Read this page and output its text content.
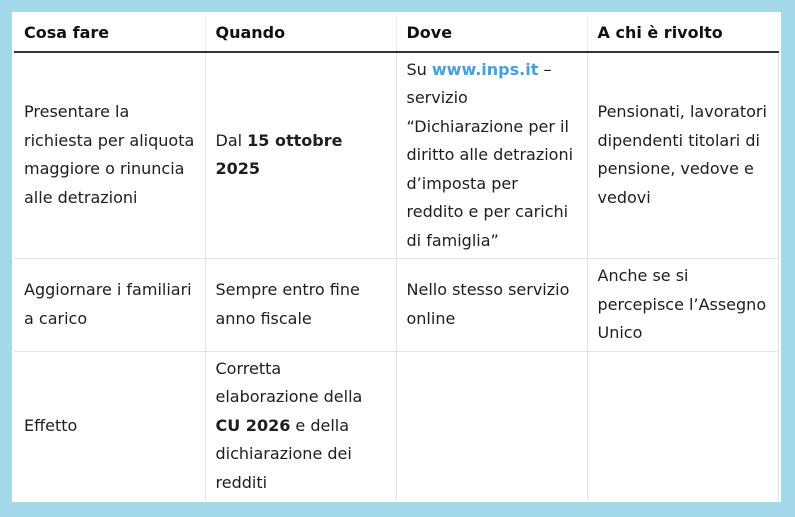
Cosa fare	Quando	Dove	A chi è rivolto
Presentare la richiesta per aliquota maggiore o rinuncia alle detrazioni	Dal 15 ottobre 2025	Su www.inps.it – servizio “Dichiarazione per il diritto alle detrazioni d’imposta per reddito e per carichi di famiglia”	Pensionati, lavoratori dipendenti titolari di pensione, vedove e vedovi
Aggiornare i familiari a carico	Sempre entro fine anno fiscale	Nello stesso servizio online	Anche se si percepisce l’Assegno Unico
Effetto	Corretta elaborazione della CU 2026 e della dichiarazione dei redditi		
